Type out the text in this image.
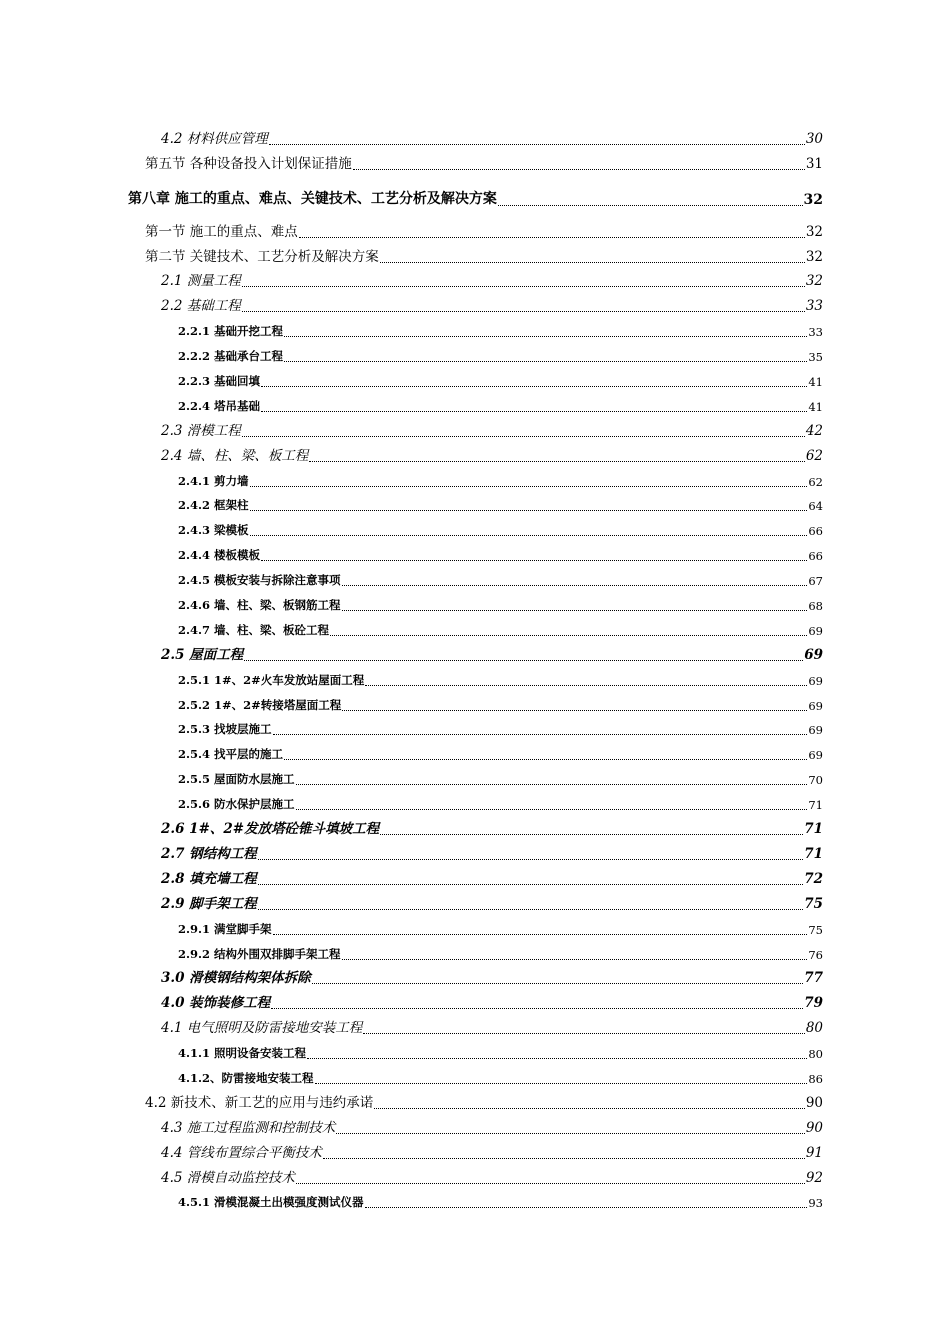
4.2 材料供应管理	30
第五节 各种设备投入计划保证措施	31
第八章 施工的重点、难点、关键技术、工艺分析及解决方案	32
第一节 施工的重点、难点	32
第二节 关键技术、工艺分析及解决方案	32
2.1 测量工程	32
2.2 基础工程	33
2.2.1 基础开挖工程	33
2.2.2 基础承台工程	35
2.2.3 基础回填	41
2.2.4 塔吊基础	41
2.3 滑模工程	42
2.4 墙、柱、梁、板工程	62
2.4.1 剪力墙	62
2.4.2 框架柱	64
2.4.3 梁模板	66
2.4.4 楼板模板	66
2.4.5 模板安装与拆除注意事项	67
2.4.6 墙、柱、梁、板钢筋工程	68
2.4.7 墙、柱、梁、板砼工程	69
2.5 屋面工程	69
2.5.1 1#、2#火车发放站屋面工程	69
2.5.2 1#、2#转接塔屋面工程	69
2.5.3 找坡层施工	69
2.5.4 找平层的施工	69
2.5.5 屋面防水层施工	70
2.5.6 防水保护层施工	71
2.6 1#、2#发放塔砼锥斗填坡工程	71
2.7 钢结构工程	71
2.8 填充墙工程	72
2.9 脚手架工程	75
2.9.1 满堂脚手架	75
2.9.2 结构外围双排脚手架工程	76
3.0 滑模钢结构架体拆除	77
4.0 装饰装修工程	79
4.1 电气照明及防雷接地安装工程	80
4.1.1 照明设备安装工程	80
4.1.2、防雷接地安装工程	86
4.2 新技术、新工艺的应用与违约承诺	90
4.3 施工过程监测和控制技术	90
4.4 管线布置综合平衡技术	91
4.5 滑模自动监控技术	92
4.5.1 滑模混凝土出模强度测试仪器	93
